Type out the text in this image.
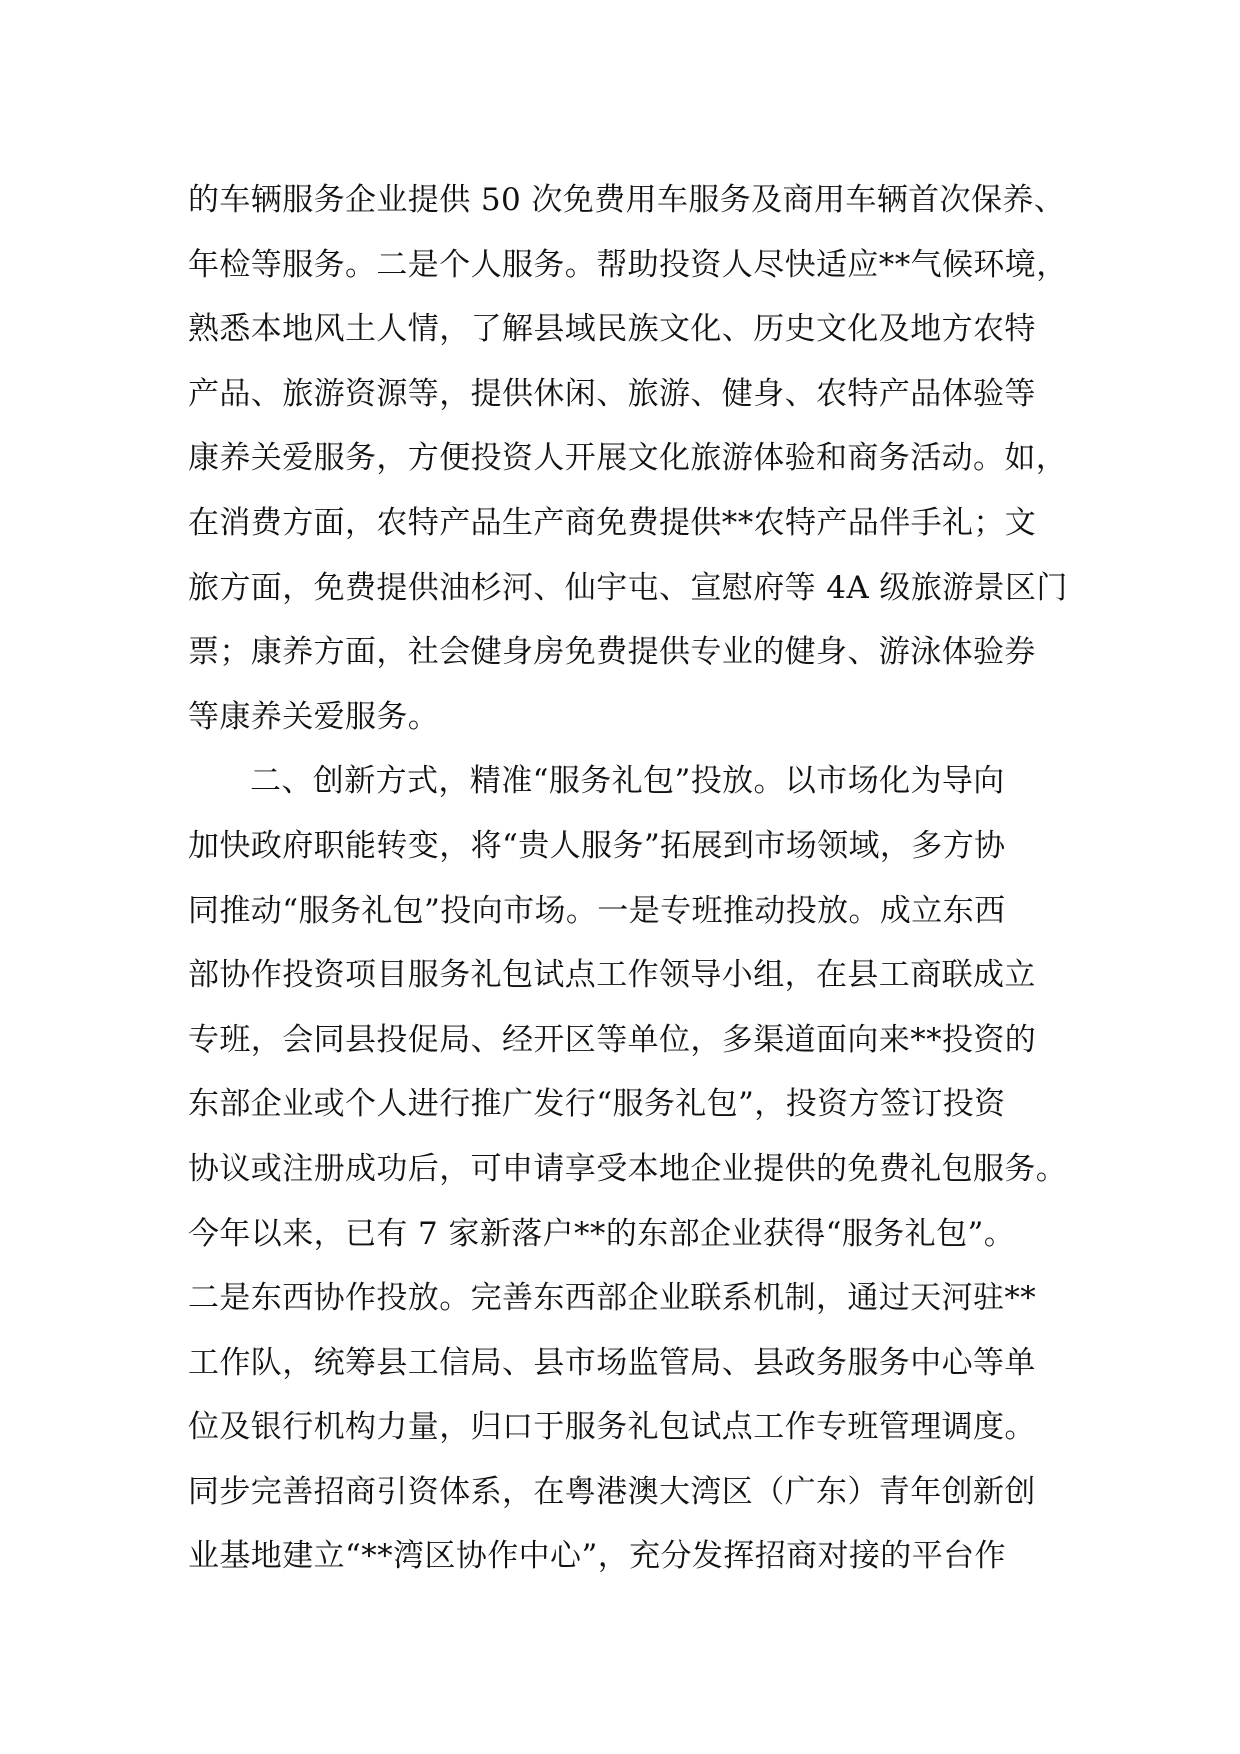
的车辆服务企业提供 50 次免费用车服务及商用车辆首次保养、
年检等服务。二是个人服务。帮助投资人尽快适应**气候环境，
熟悉本地风土人情，了解县域民族文化、历史文化及地方农特
产品、旅游资源等，提供休闲、旅游、健身、农特产品体验等
康养关爱服务，方便投资人开展文化旅游体验和商务活动。如，
在消费方面，农特产品生产商免费提供**农特产品伴手礼；文
旅方面，免费提供油杉河、仙宇屯、宣慰府等 4A 级旅游景区门
票；康养方面，社会健身房免费提供专业的健身、游泳体验券
等康养关爱服务。
二、创新方式，精准“服务礼包”投放。以市场化为导向
加快政府职能转变，将“贵人服务”拓展到市场领域，多方协
同推动“服务礼包”投向市场。一是专班推动投放。成立东西
部协作投资项目服务礼包试点工作领导小组，在县工商联成立
专班，会同县投促局、经开区等单位，多渠道面向来**投资的
东部企业或个人进行推广发行“服务礼包”，投资方签订投资
协议或注册成功后，可申请享受本地企业提供的免费礼包服务。
今年以来，已有 7 家新落户**的东部企业获得“服务礼包”。
二是东西协作投放。完善东西部企业联系机制，通过天河驻**
工作队，统筹县工信局、县市场监管局、县政务服务中心等单
位及银行机构力量，归口于服务礼包试点工作专班管理调度。
同步完善招商引资体系，在粤港澳大湾区（广东）青年创新创
业基地建立“**湾区协作中心”，充分发挥招商对接的平台作
